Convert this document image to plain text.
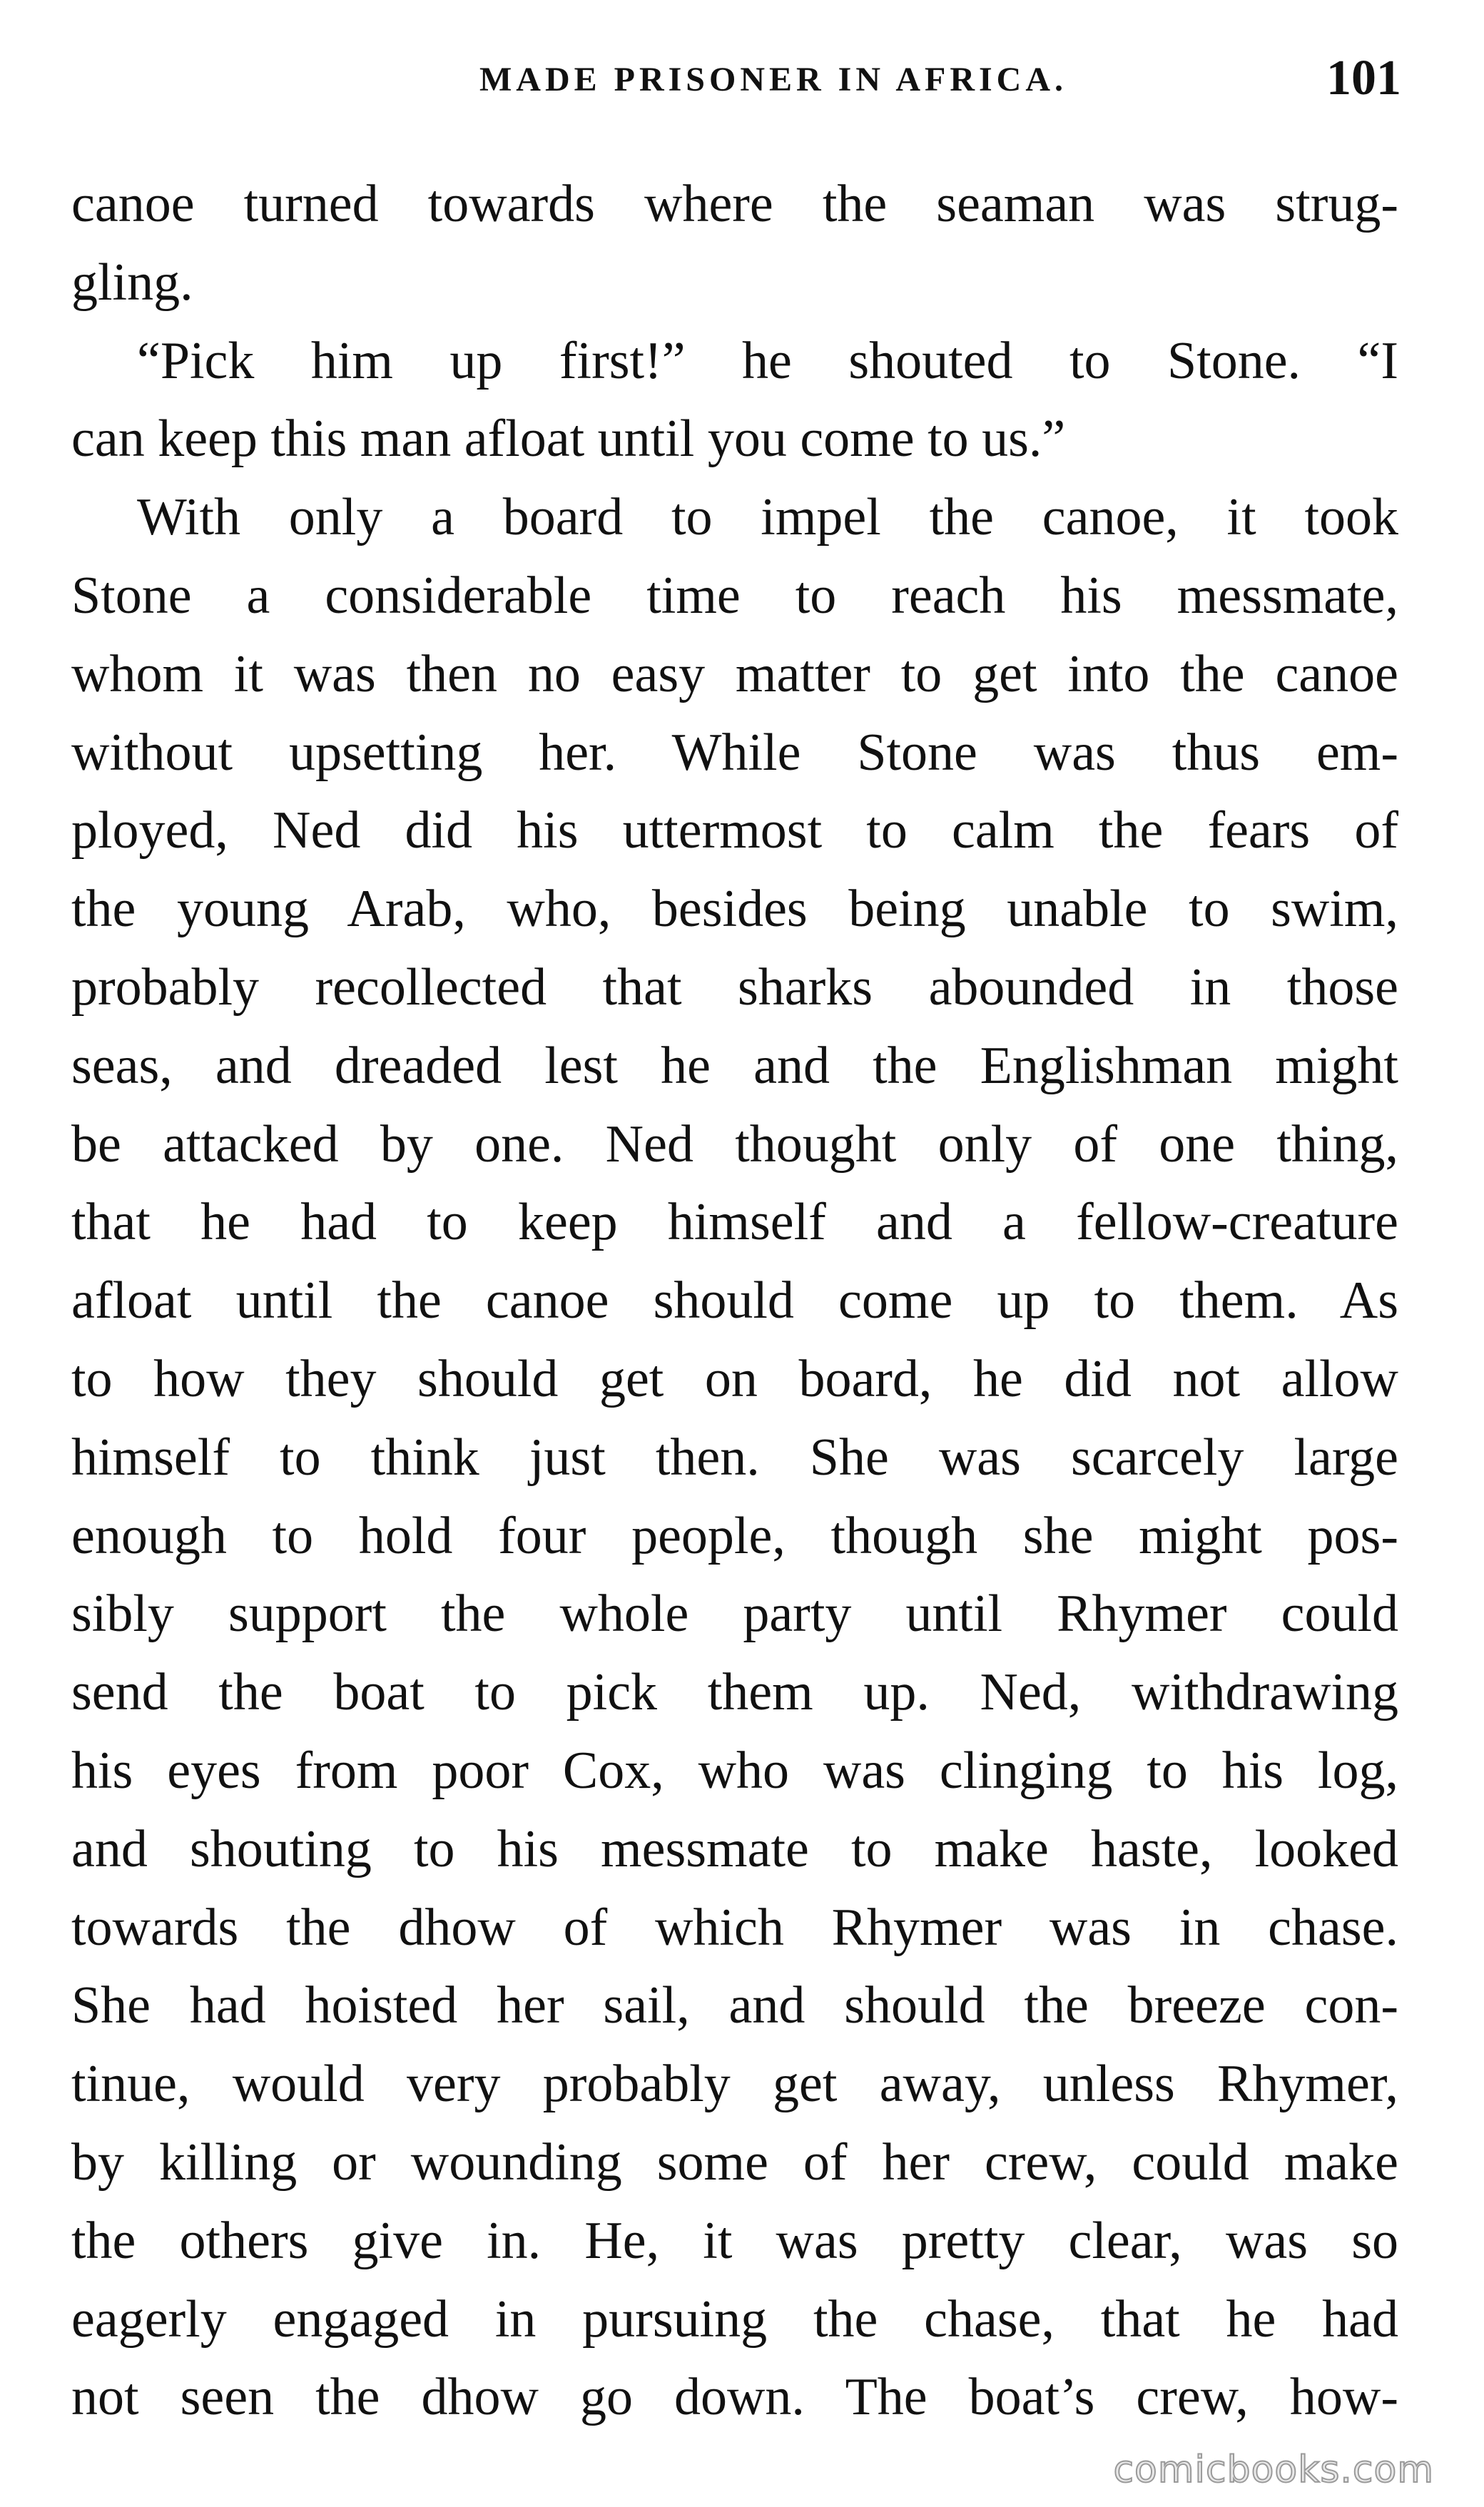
MADE PRISONER IN AFRICA.	101
canoe turned towards where the seaman was strug-
gling.
“Pick him up first!” he shouted to Stone. “I
can keep this man afloat until you come to us.”
With only a board to impel the canoe, it took
Stone a considerable time to reach his messmate,
whom it was then no easy matter to get into the canoe
without upsetting her. While Stone was thus em-
ployed, Ned did his uttermost to calm the fears of
the young Arab, who, besides being unable to swim,
probably recollected that sharks abounded in those
seas, and dreaded lest he and the Englishman might
be attacked by one. Ned thought only of one thing,
that he had to keep himself and a fellow-creature
afloat until the canoe should come up to them. As
to how they should get on board, he did not allow
himself to think just then. She was scarcely large
enough to hold four people, though she might pos-
sibly support the whole party until Rhymer could
send the boat to pick them up. Ned, withdrawing
his eyes from poor Cox, who was clinging to his log,
and shouting to his messmate to make haste, looked
towards the dhow of which Rhymer was in chase.
She had hoisted her sail, and should the breeze con-
tinue, would very probably get away, unless Rhymer,
by killing or wounding some of her crew, could make
the others give in. He, it was pretty clear, was so
eagerly engaged in pursuing the chase, that he had
not seen the dhow go down. The boat’s crew, how-
comicbooks.com
